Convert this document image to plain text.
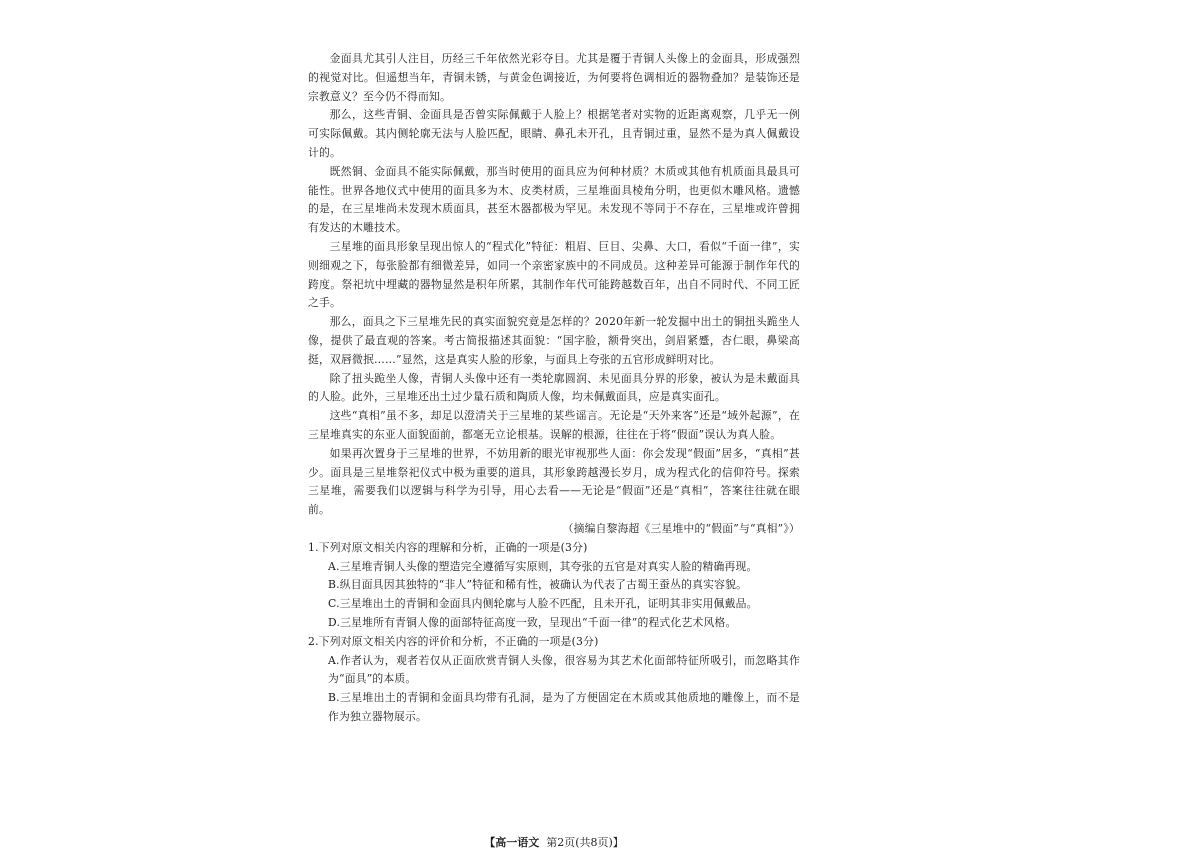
金面具尤其引人注目，历经三千年依然光彩夺目。尤其是覆于青铜人头像上的金面具，形成强烈的视觉对比。但遥想当年，青铜未锈，与黄金色调接近，为何要将色调相近的器物叠加？是装饰还是宗教意义？至今仍不得而知。

那么，这些青铜、金面具是否曾实际佩戴于人脸上？根据笔者对实物的近距离观察，几乎无一例可实际佩戴。其内侧轮廓无法与人脸匹配，眼睛、鼻孔未开孔，且青铜过重，显然不是为真人佩戴设计的。

既然铜、金面具不能实际佩戴，那当时使用的面具应为何种材质？木质或其他有机质面具最具可能性。世界各地仪式中使用的面具多为木、皮类材质，三星堆面具棱角分明，也更似木雕风格。遗憾的是，在三星堆尚未发现木质面具，甚至木器都极为罕见。未发现不等同于不存在，三星堆或许曾拥有发达的木雕技术。

三星堆的面具形象呈现出惊人的“程式化”特征：粗眉、巨目、尖鼻、大口，看似“千面一律”，实则细观之下，每张脸都有细微差异，如同一个亲密家族中的不同成员。这种差异可能源于制作年代的跨度。祭祀坑中埋藏的器物显然是积年所累，其制作年代可能跨越数百年，出自不同时代、不同工匠之手。

那么，面具之下三星堆先民的真实面貌究竟是怎样的？2020年新一轮发掘中出土的铜扭头跪坐人像，提供了最直观的答案。考古简报描述其面貌：“国字脸，额骨突出，剑眉紧蹙，杏仁眼，鼻梁高挺，双唇微抿……”显然，这是真实人脸的形象，与面具上夸张的五官形成鲜明对比。

除了扭头跪坐人像，青铜人头像中还有一类轮廓圆润、未见面具分界的形象，被认为是未戴面具的人脸。此外，三星堆还出土过少量石质和陶质人像，均未佩戴面具，应是真实面孔。

这些“真相”虽不多，却足以澄清关于三星堆的某些谣言。无论是“天外来客”还是“域外起源”，在三星堆真实的东亚人面貌面前，都毫无立论根基。误解的根源，往往在于将“假面”误认为真人脸。

如果再次置身于三星堆的世界，不妨用新的眼光审视那些人面：你会发现“假面”居多，“真相”甚少。面具是三星堆祭祀仪式中极为重要的道具，其形象跨越漫长岁月，成为程式化的信仰符号。探索三星堆，需要我们以逻辑与科学为引导，用心去看——无论是“假面”还是“真相”，答案往往就在眼前。

（摘编自黎海超《三星堆中的“假面”与“真相”》）

1.下列对原文相关内容的理解和分析，正确的一项是(3分)

A.三星堆青铜人头像的塑造完全遵循写实原则，其夸张的五官是对真实人脸的精确再现。

B.纵目面具因其独特的“非人”特征和稀有性，被确认为代表了古蜀王蚕丛的真实容貌。

C.三星堆出土的青铜和金面具内侧轮廓与人脸不匹配，且未开孔，证明其非实用佩戴品。

D.三星堆所有青铜人像的面部特征高度一致，呈现出“千面一律”的程式化艺术风格。

2.下列对原文相关内容的评价和分析，不正确的一项是(3分)

A.作者认为，观者若仅从正面欣赏青铜人头像，很容易为其艺术化面部特征所吸引，而忽略其作为“面具”的本质。

B.三星堆出土的青铜和金面具均带有孔洞，是为了方便固定在木质或其他质地的雕像上，而不是作为独立器物展示。

【高一语文 第2页(共8页)】
